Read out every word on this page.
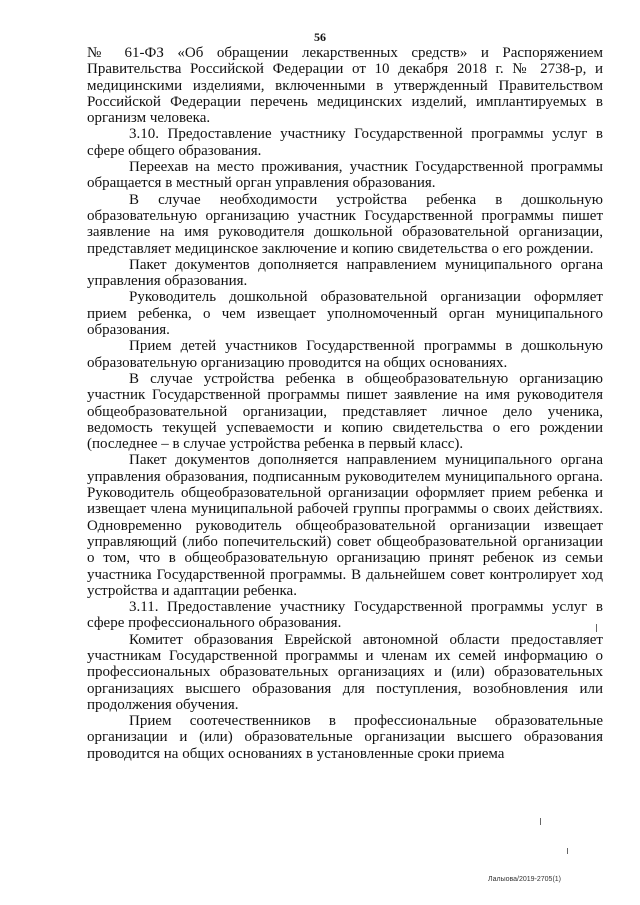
56

№ 61-ФЗ «Об обращении лекарственных средств» и Распоряжением Правительства Российской Федерации от 10 декабря 2018 г. № 2738-р, и медицинскими изделиями, включенными в утвержденный Правительством Российской Федерации перечень медицинских изделий, имплантируемых в организм человека.

3.10. Предоставление участнику Государственной программы услуг в сфере общего образования.

Переехав на место проживания, участник Государственной программы обращается в местный орган управления образования.

В случае необходимости устройства ребенка в дошкольную образовательную организацию участник Государственной программы пишет заявление на имя руководителя дошкольной образовательной организации, представляет медицинское заключение и копию свидетельства о его рождении.

Пакет документов дополняется направлением муниципального органа управления образования.

Руководитель дошкольной образовательной организации оформляет прием ребенка, о чем извещает уполномоченный орган муниципального образования.

Прием детей участников Государственной программы в дошкольную образовательную организацию проводится на общих основаниях.

В случае устройства ребенка в общеобразовательную организацию участник Государственной программы пишет заявление на имя руководителя общеобразовательной организации, представляет личное дело ученика, ведомость текущей успеваемости и копию свидетельства о его рождении (последнее – в случае устройства ребенка в первый класс).

Пакет документов дополняется направлением муниципального органа управления образования, подписанным руководителем муниципального органа. Руководитель общеобразовательной организации оформляет прием ребенка и извещает члена муниципальной рабочей группы программы о своих действиях. Одновременно руководитель общеобразовательной организации извещает управляющий (либо попечительский) совет общеобразовательной организации о том, что в общеобразовательную организацию принят ребенок из семьи участника Государственной программы. В дальнейшем совет контролирует ход устройства и адаптации ребенка.

3.11. Предоставление участнику Государственной программы услуг в сфере профессионального образования.

Комитет образования Еврейской автономной области предоставляет участникам Государственной программы и членам их семей информацию о профессиональных образовательных организациях и (или) образовательных организациях высшего образования для поступления, возобновления или продолжения обучения.

Прием соотечественников в профессиональные образовательные организации и (или) образовательные организации высшего образования проводится на общих основаниях в установленные сроки приема

Лалыова/2019-2705(1)
